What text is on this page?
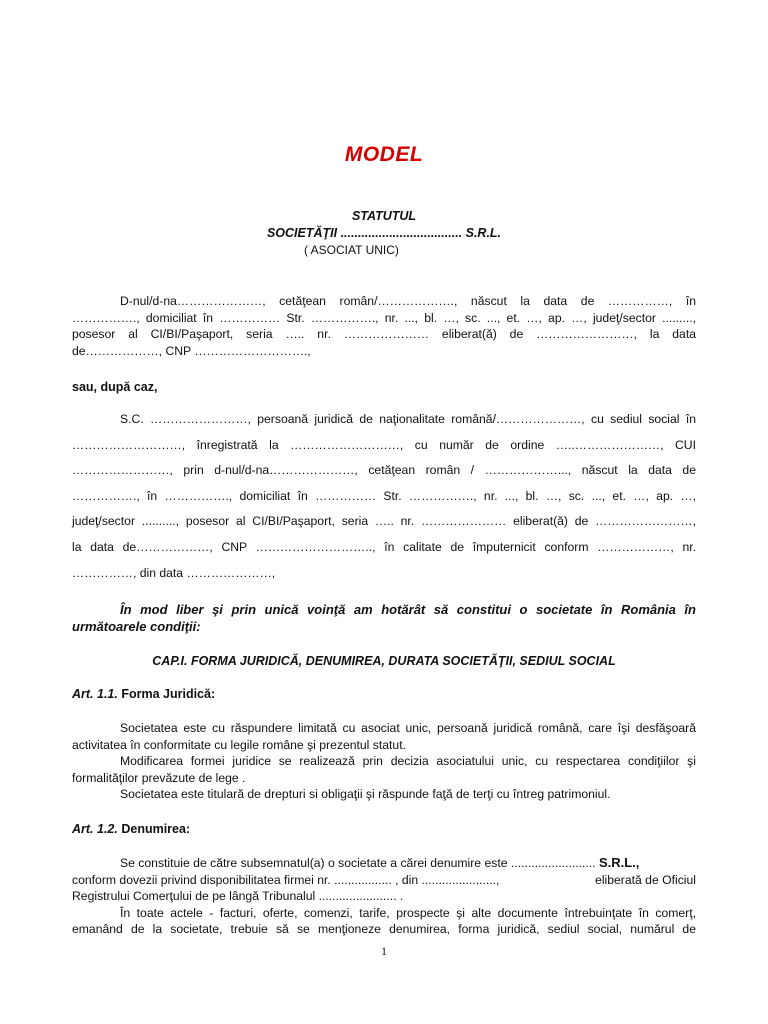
MODEL
STATUTUL
SOCIETĂŢII ................................... S.R.L.
( ASOCIAT UNIC)
D-nul/d-na…………………, cetăţean român/………………., născut la data de ……………, în
……………., domiciliat în …………… Str. ……………., nr. ..., bl. …, sc. ..., et. …, ap. …, judeţ/sector .........,
posesor al CI/BI/Paşaport, seria ….. nr. ………………… eliberat(ă) de ……………………, la data
de………………, CNP ……………………….,
sau, după caz,
S.C. ……………………, persoană juridică de naţionalitate română/…………………, cu sediul social în
………………………, înregistrată la ………………………, cu număr de ordine …..…………………, CUI
……………………, prin d-nul/d-na…………………, cetăţean român / ………………..., născut la data de
……………., în ……………., domiciliat în …………… Str. ……………., nr. ..., bl. …, sc. ..., et. …, ap. …,
judeţ/sector .........., posesor al CI/BI/Paşaport, seria ….. nr. ………………… eliberat(ă) de ……………………,
la data de………………, CNP ……………………….., în calitate de împuternicit conform ………………, nr.
……………, din data …………………,
În mod liber şi prin unică voinţă am hotărât să constitui o societate în România în
următoarele condiţii:
CAP.I. FORMA JURIDICĂ, DENUMIREA, DURATA SOCIETĂŢII, SEDIUL SOCIAL
Art. 1.1. Forma Juridică:
Societatea este cu răspundere limitată cu asociat unic, persoană juridică română, care îşi desfăşoară
activitatea în conformitate cu legile române şi prezentul statut.
Modificarea formei juridice se realizează prin decizia asociatului unic, cu respectarea condiţiilor şi
formalităţilor prevăzute de lege .
Societatea este titulară de drepturi si obligaţii şi răspunde faţă de terţi cu întreg patrimoniul.
Art. 1.2. Denumirea:
Se constituie de către subsemnatul(a) o societate a cărei denumire este ......................... S.R.L.,
conform dovezii privind disponibilitatea firmei nr. ................. , din ......................,	eliberată de Oficiul
Registrului Comerţului de pe lângă Tribunalul ....................... .
În toate actele - facturi, oferte, comenzi, tarife, prospecte şi alte documente întrebuinţate în comerţ,
emanând de la societate, trebuie să se menţioneze denumirea, forma juridică, sediul social, numărul de
1
